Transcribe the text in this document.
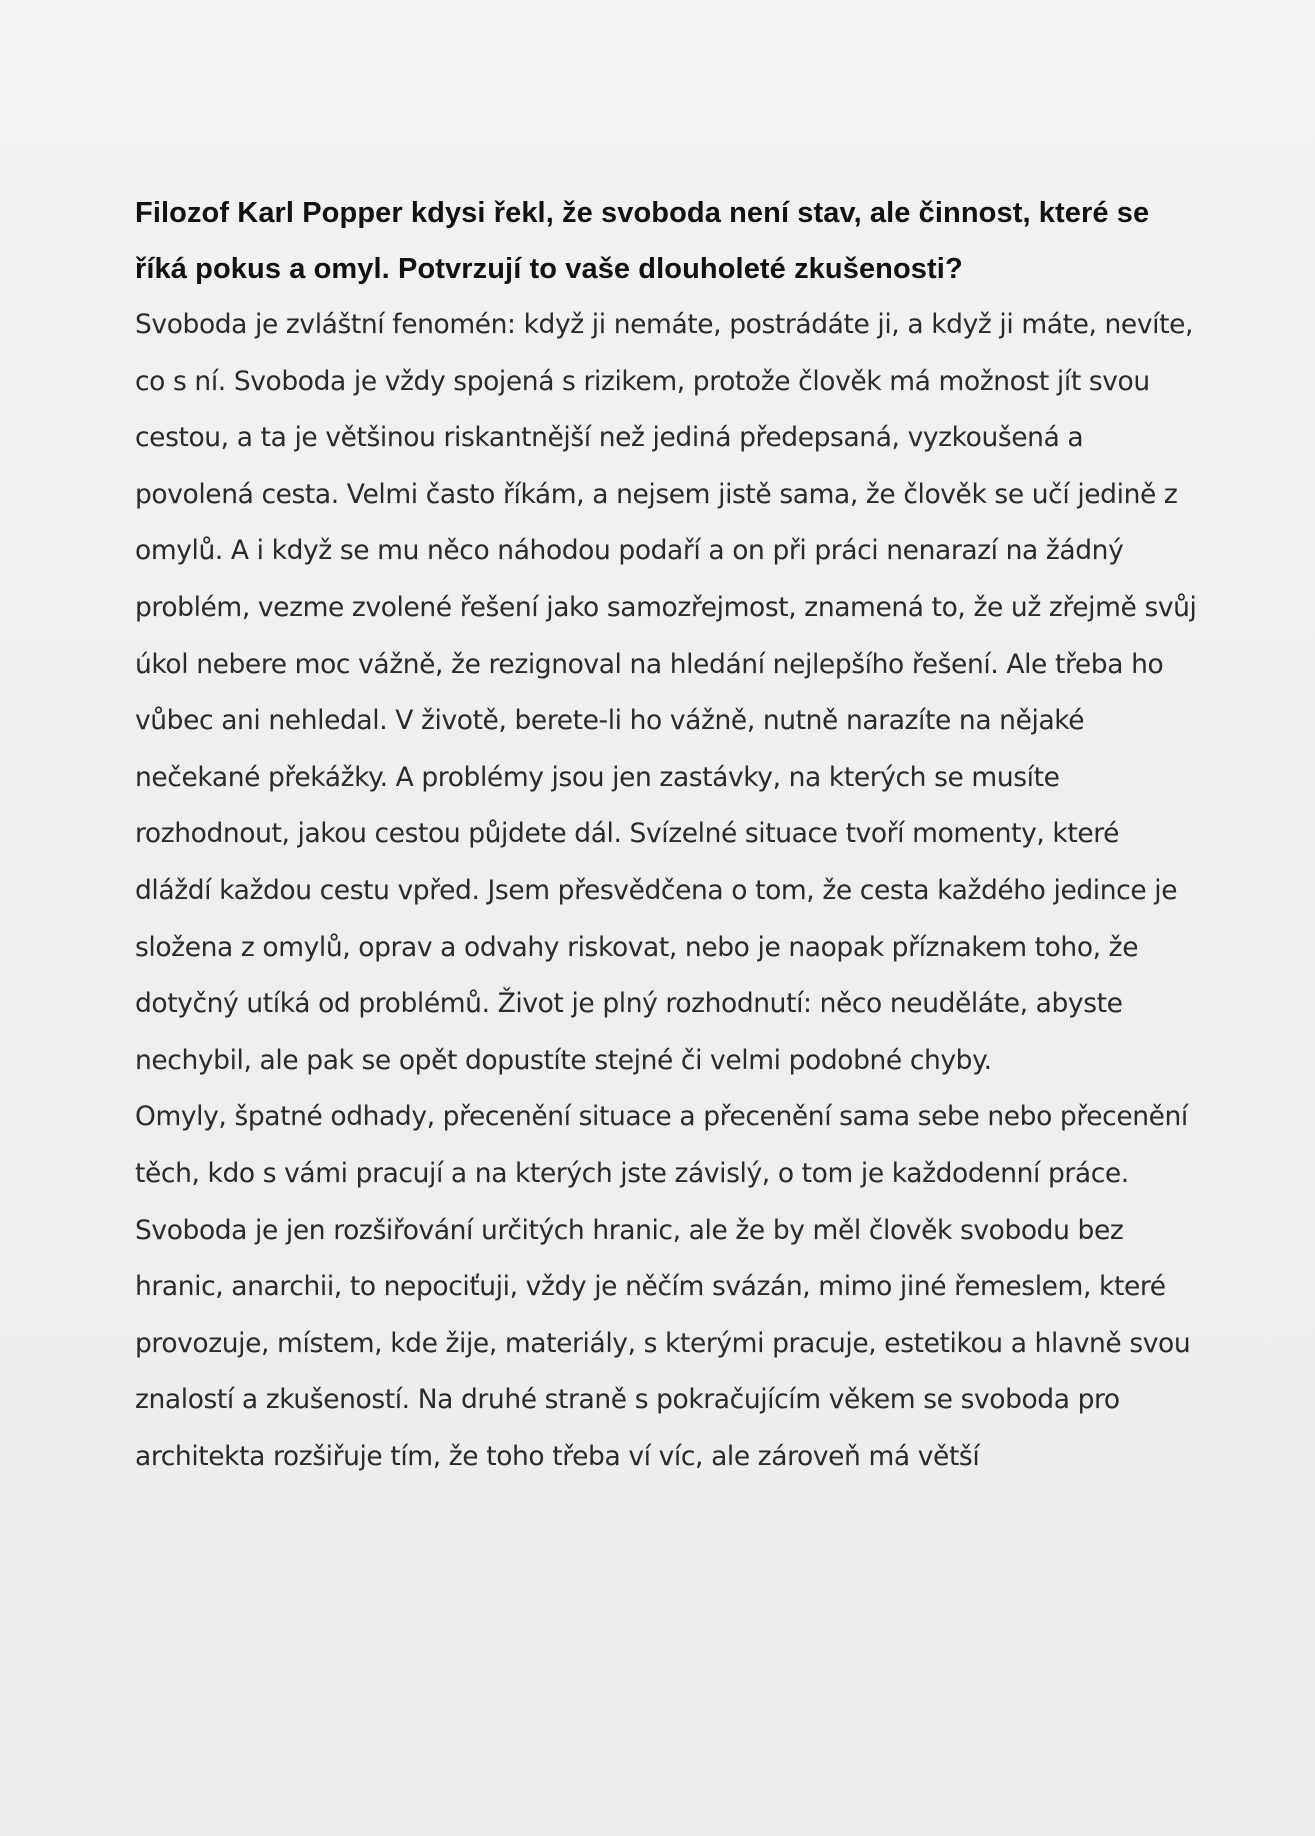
Filozof Karl Popper kdysi řekl, že svoboda není stav, ale činnost, které se říká pokus a omyl. Potvrzují to vaše dlouholeté zkušenosti?

Svoboda je zvláštní fenomén: když ji nemáte, postrádáte ji, a když ji máte, nevíte, co s ní. Svoboda je vždy spojená s rizikem, protože člověk má možnost jít svou cestou, a ta je většinou riskantnější než jediná předepsaná, vyzkoušená a povolená cesta. Velmi často říkám, a nejsem jistě sama, že člověk se učí jedině z omylů. A i když se mu něco náhodou podaří a on při práci nenarazí na žádný problém, vezme zvolené řešení jako samozřejmost, znamená to, že už zřejmě svůj úkol nebere moc vážně, že rezignoval na hledání nejlepšího řešení. Ale třeba ho vůbec ani nehledal. V životě, berete-li ho vážně, nutně narazíte na nějaké nečekané překážky. A problémy jsou jen zastávky, na kterých se musíte rozhodnout, jakou cestou půjdete dál. Svízelné situace tvoří momenty, které dláždí každou cestu vpřed. Jsem přesvědčena o tom, že cesta každého jedince je složena z omylů, oprav a odvahy riskovat, nebo je naopak příznakem toho, že dotyčný utíká od problémů. Život je plný rozhodnutí: něco neuděláte, abyste nechybil, ale pak se opět dopustíte stejné či velmi podobné chyby.

Omyly, špatné odhady, přecenění situace a přecenění sama sebe nebo přecenění těch, kdo s vámi pracují a na kterých jste závislý, o tom je každodenní práce.

Svoboda je jen rozšiřování určitých hranic, ale že by měl člověk svobodu bez hranic, anarchii, to nepociťuji, vždy je něčím svázán, mimo jiné řemeslem, které provozuje, místem, kde žije, materiály, s kterými pracuje, estetikou a hlavně svou znalostí a zkušeností. Na druhé straně s pokračujícím věkem se svoboda pro architekta rozšiřuje tím, že toho třeba ví víc, ale zároveň má větší
